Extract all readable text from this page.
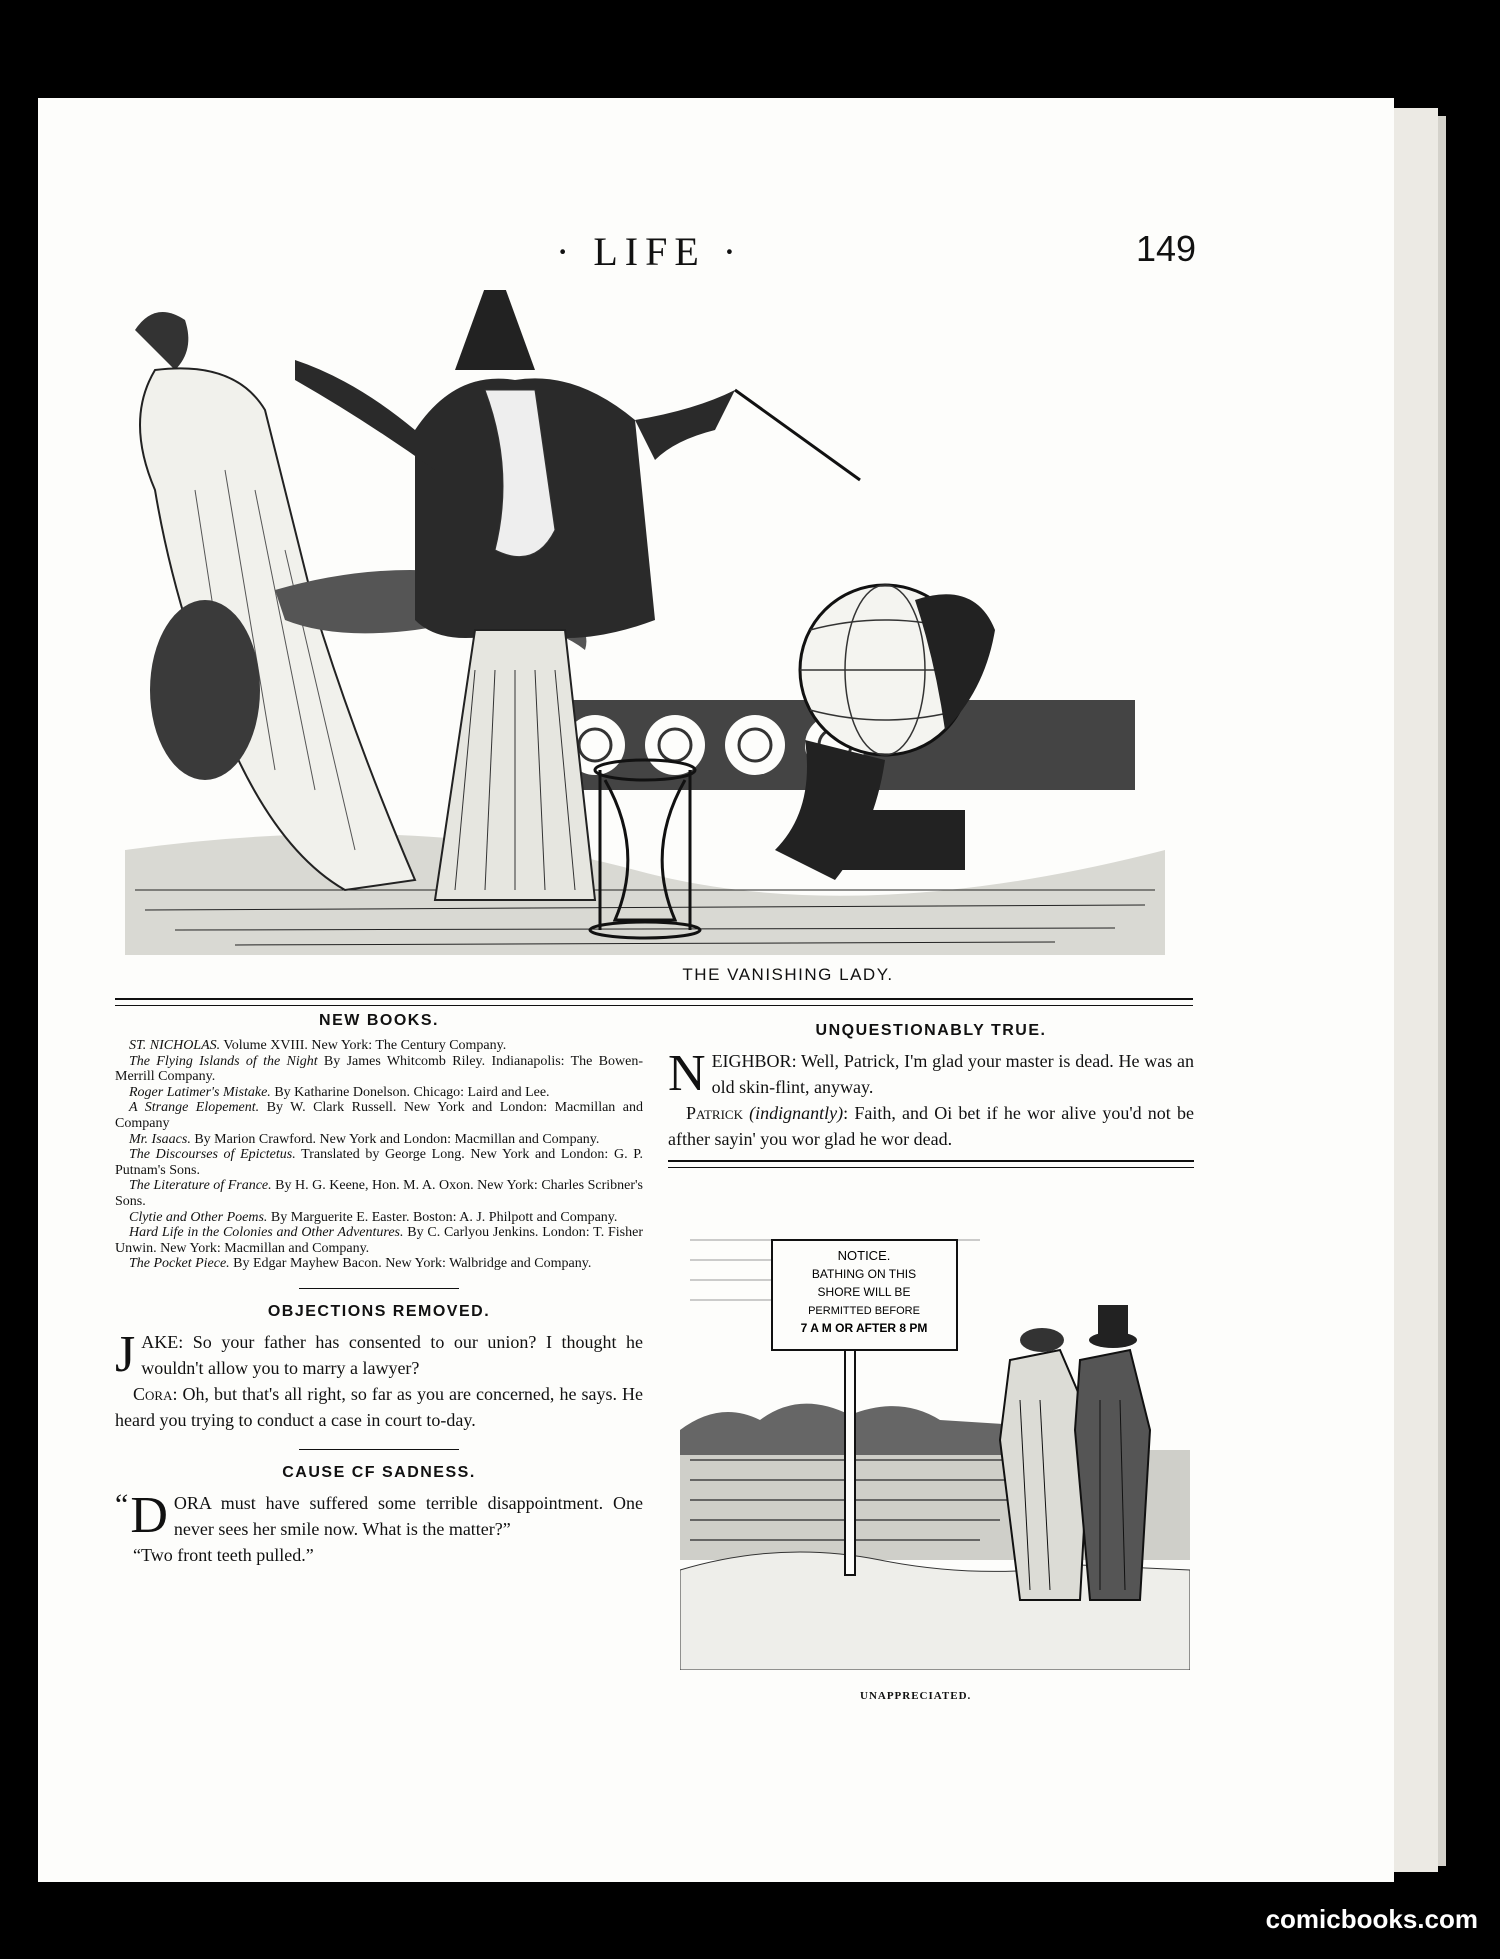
· LIFE ·	149
THE VANISHING LADY.
NEW BOOKS.

ST. NICHOLAS. Volume XVIII. New York: The Century Company.

The Flying Islands of the Night By James Whitcomb Riley. Indianapolis: The Bowen-Merrill Company.

Roger Latimer's Mistake. By Katharine Donelson. Chicago: Laird and Lee.

A Strange Elopement. By W. Clark Russell. New York and London: Macmillan and Company

Mr. Isaacs. By Marion Crawford. New York and London: Macmillan and Company.

The Discourses of Epictetus. Translated by George Long. New York and London: G. P. Putnam's Sons.

The Literature of France. By H. G. Keene, Hon. M. A. Oxon. New York: Charles Scribner's Sons.

Clytie and Other Poems. By Marguerite E. Easter. Boston: A. J. Philpott and Company.

Hard Life in the Colonies and Other Adventures. By C. Carlyou Jenkins. London: T. Fisher Unwin. New York: Macmillan and Company.

The Pocket Piece. By Edgar Mayhew Bacon. New York: Walbridge and Company.

OBJECTIONS REMOVED.

JAKE: So your father has consented to our union? I thought he wouldn't allow you to marry a lawyer?

Cora: Oh, but that's all right, so far as you are concerned, he says. He heard you trying to conduct a case in court to-day.

CAUSE CF SADNESS.

“ D ORA must have suffered some terrible disappointment. One never sees her smile now. What is the matter?”

“Two front teeth pulled.”

UNQUESTIONABLY TRUE.

NEIGHBOR: Well, Patrick, I'm glad your master is dead. He was an old skin-flint, anyway.

Patrick (indignantly): Faith, and Oi bet if he wor alive you'd not be afther sayin' you wor glad he wor dead.

NOTICE.
BATHING ON THIS
SHORE WILL BE
PERMITTED BEFORE
7 A M OR AFTER 8 PM
UNAPPRECIATED.
comicbooks.com
